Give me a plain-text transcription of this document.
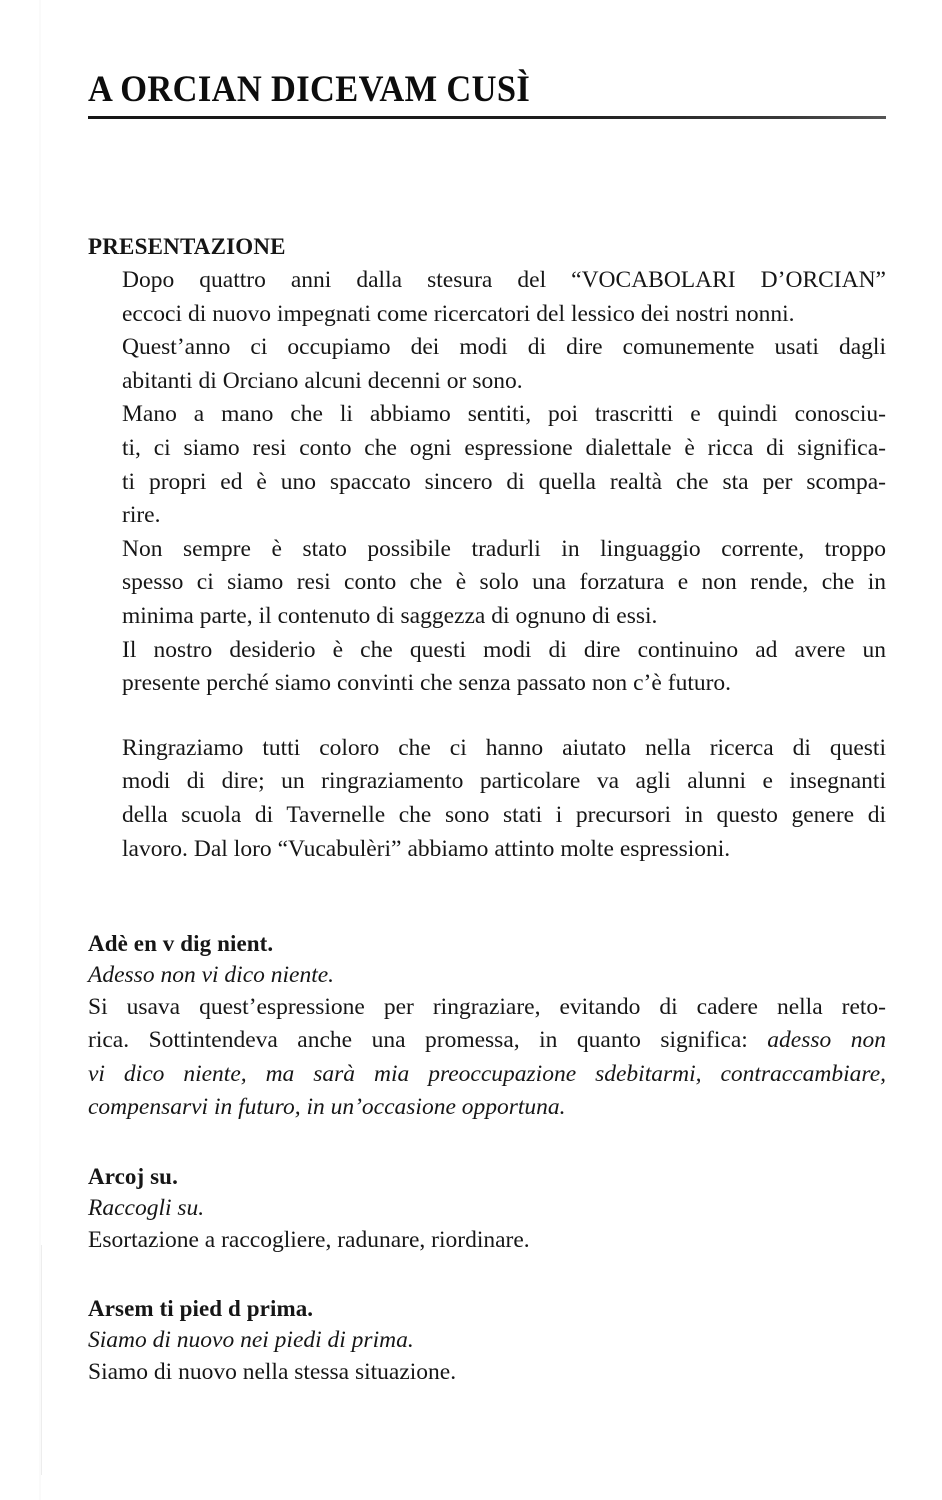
A ORCIAN DICEVAM CUSÌ
PRESENTAZIONE

Dopo quattro anni dalla stesura del “VOCABOLARI D’ORCIAN”
eccoci di nuovo impegnati come ricercatori del lessico dei nostri nonni.

Quest’anno ci occupiamo dei modi di dire comunemente usati dagli
abitanti di Orciano alcuni decenni or sono.

Mano a mano che li abbiamo sentiti, poi trascritti e quindi conosciu-
ti, ci siamo resi conto che ogni espressione dialettale è ricca di significa-
ti propri ed è uno spaccato sincero di quella realtà che sta per scompa-
rire.

Non sempre è stato possibile tradurli in linguaggio corrente, troppo
spesso ci siamo resi conto che è solo una forzatura e non rende, che in
minima parte, il contenuto di saggezza di ognuno di essi.

Il nostro desiderio è che questi modi di dire continuino ad avere un
presente perché siamo convinti che senza passato non c’è futuro.

Ringraziamo tutti coloro che ci hanno aiutato nella ricerca di questi
modi di dire; un ringraziamento particolare va agli alunni e insegnanti
della scuola di Tavernelle che sono stati i precursori in questo genere di
lavoro. Dal loro “Vucabulèri” abbiamo attinto molte espressioni.

Adè en v dig nient.
Adesso non vi dico niente.
Si usava quest’espressione per ringraziare, evitando di cadere nella reto-
rica. Sottintendeva anche una promessa, in quanto significa: adesso non
vi dico niente, ma sarà mia preoccupazione sdebitarmi, contraccambiare,
compensarvi in futuro, in un’occasione opportuna.
Arcoj su.
Raccogli su.
Esortazione a raccogliere, radunare, riordinare.
Arsem ti pied d prima.
Siamo di nuovo nei piedi di prima.
Siamo di nuovo nella stessa situazione.
